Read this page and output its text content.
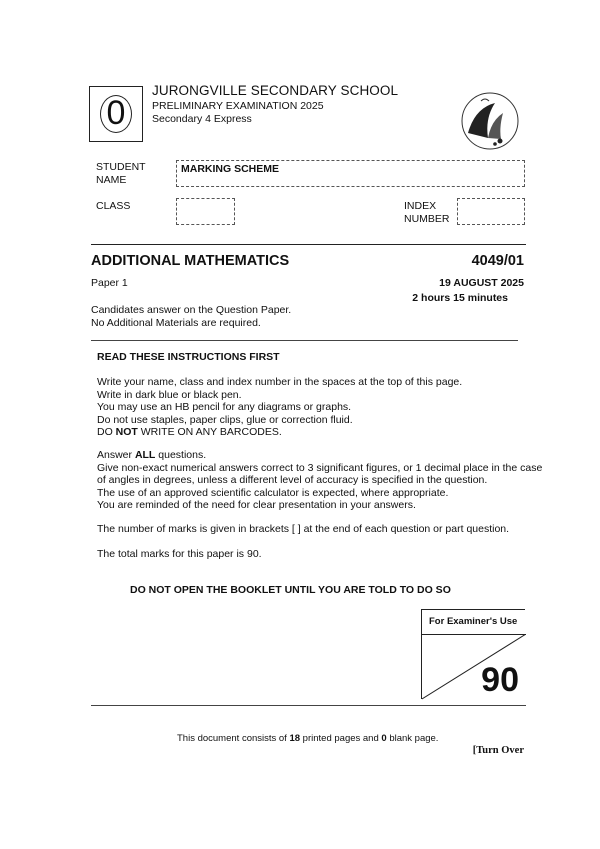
0
JURONGVILLE SECONDARY SCHOOL
PRELIMINARY EXAMINATION 2025
Secondary 4 Express
STUDENT
NAME
MARKING SCHEME
CLASS	INDEX
NUMBER
ADDITIONAL MATHEMATICS	4049/01
Paper 1	19 AUGUST 2025
2 hours 15 minutes
Candidates answer on the Question Paper.
No Additional Materials are required.
READ THESE INSTRUCTIONS FIRST

Write your name, class and index number in the spaces at the top of this page.

Write in dark blue or black pen.

You may use an HB pencil for any diagrams or graphs.

Do not use staples, paper clips, glue or correction fluid.

DO NOT WRITE ON ANY BARCODES.

Answer ALL questions.

Give non-exact numerical answers correct to 3 significant figures, or 1 decimal place in the case

of angles in degrees, unless a different level of accuracy is specified in the question.

The use of an approved scientific calculator is expected, where appropriate.

You are reminded of the need for clear presentation in your answers.

The number of marks is given in brackets [ ] at the end of each question or part question.
The total marks for this paper is 90.
DO NOT OPEN THE BOOKLET UNTIL YOU ARE TOLD TO DO SO
For Examiner's Use
90
This document consists of 18 printed pages and 0 blank page.
[Turn Over
